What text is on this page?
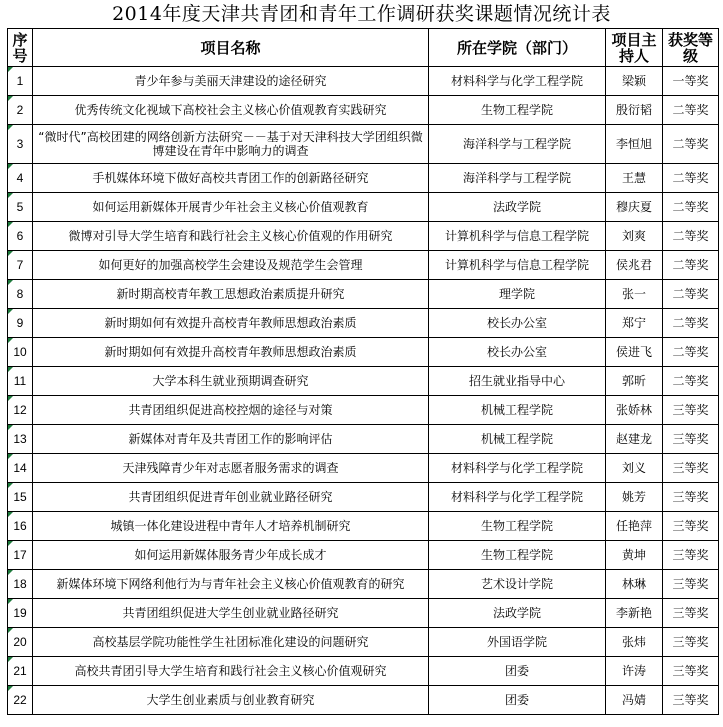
2014年度天津共青团和青年工作调研获奖课题情况统计表
序号	项目名称	所在学院（部门）	项目主持人	获奖等级
1	青少年参与美丽天津建设的途径研究	材料科学与化学工程学院	梁颖	一等奖
2	优秀传统文化视域下高校社会主义核心价值观教育实践研究	生物工程学院	殷衍韬	二等奖
3	“微时代”高校团建的网络创新方法研究－－基于对天津科技大学团组织微博建设在青年中影响力的调查	海洋科学与工程学院	李恒旭	二等奖
4	手机媒体环境下做好高校共青团工作的创新路径研究	海洋科学与工程学院	王慧	二等奖
5	如何运用新媒体开展青少年社会主义核心价值观教育	法政学院	穆庆夏	二等奖
6	微博对引导大学生培育和践行社会主义核心价值观的作用研究	计算机科学与信息工程学院	刘爽	二等奖
7	如何更好的加强高校学生会建设及规范学生会管理	计算机科学与信息工程学院	侯兆君	二等奖
8	新时期高校青年教工思想政治素质提升研究	理学院	张一	二等奖
9	新时期如何有效提升高校青年教师思想政治素质	校长办公室	郑宁	二等奖
10	新时期如何有效提升高校青年教师思想政治素质	校长办公室	侯进飞	二等奖
11	大学本科生就业预期调查研究	招生就业指导中心	郭昕	二等奖
12	共青团组织促进高校控烟的途径与对策	机械工程学院	张娇林	三等奖
13	新媒体对青年及共青团工作的影响评估	机械工程学院	赵建龙	三等奖
14	天津残障青少年对志愿者服务需求的调查	材料科学与化学工程学院	刘义	三等奖
15	共青团组织促进青年创业就业路径研究	材料科学与化学工程学院	姚芳	三等奖
16	城镇一体化建设进程中青年人才培养机制研究	生物工程学院	任艳萍	三等奖
17	如何运用新媒体服务青少年成长成才	生物工程学院	黄坤	三等奖
18	新媒体环境下网络利他行为与青年社会主义核心价值观教育的研究	艺术设计学院	林琳	三等奖
19	共青团组织促进大学生创业就业路径研究	法政学院	李新艳	三等奖
20	高校基层学院功能性学生社团标准化建设的问题研究	外国语学院	张炜	三等奖
21	高校共青团引导大学生培育和践行社会主义核心价值观研究	团委	许涛	三等奖
22	大学生创业素质与创业教育研究	团委	冯婧	三等奖
